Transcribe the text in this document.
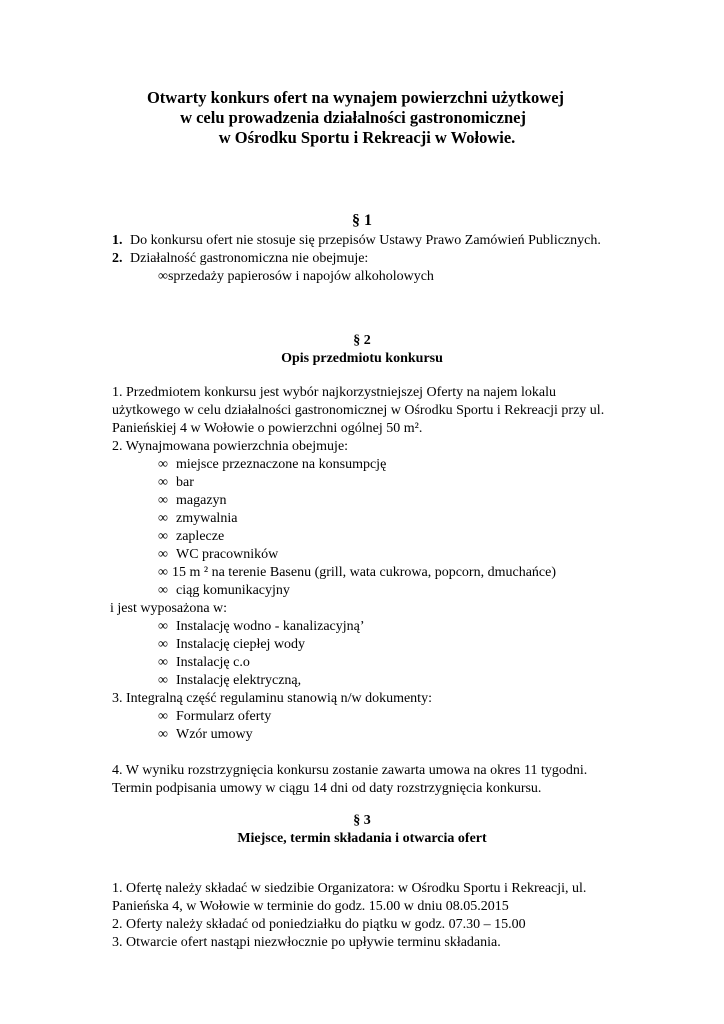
Otwarty konkurs ofert na wynajem powierzchni użytkowej
w celu prowadzenia działalności gastronomicznej
w Ośrodku Sportu i Rekreacji w Wołowie.
§ 1
1. Do konkursu ofert nie stosuje się przepisów Ustawy Prawo Zamówień Publicznych.
2. Działalność gastronomiczna nie obejmuje:
∞sprzedaży papierosów i napojów alkoholowych
§ 2
Opis przedmiotu konkursu
1. Przedmiotem konkursu jest wybór najkorzystniejszej Oferty na najem lokalu
użytkowego w celu działalności gastronomicznej w Ośrodku Sportu i Rekreacji przy ul.
Panieńskiej 4 w Wołowie o powierzchni ogólnej 50 m².
2. Wynajmowana powierzchnia obejmuje:
∞ miejsce przeznaczone na konsumpcję
∞ bar
∞ magazyn
∞ zmywalnia
∞ zaplecze
∞ WC pracowników
∞ 15 m ² na terenie Basenu (grill, wata cukrowa, popcorn, dmuchańce)
∞ ciąg komunikacyjny
i jest wyposażona w:
∞ Instalację wodno - kanalizacyjną’
∞ Instalację ciepłej wody
∞ Instalację c.o
∞ Instalację elektryczną,
3. Integralną część regulaminu stanowią n/w dokumenty:
∞ Formularz oferty
∞ Wzór umowy
4. W wyniku rozstrzygnięcia konkursu zostanie zawarta umowa na okres 11 tygodni.
Termin podpisania umowy w ciągu 14 dni od daty rozstrzygnięcia konkursu.
§ 3
Miejsce, termin składania i otwarcia ofert
1. Ofertę należy składać w siedzibie Organizatora: w Ośrodku Sportu i Rekreacji, ul.
Panieńska 4, w Wołowie w terminie do godz. 15.00 w dniu 08.05.2015
2. Oferty należy składać od poniedziałku do piątku w godz. 07.30 – 15.00
3. Otwarcie ofert nastąpi niezwłocznie po upływie terminu składania.
